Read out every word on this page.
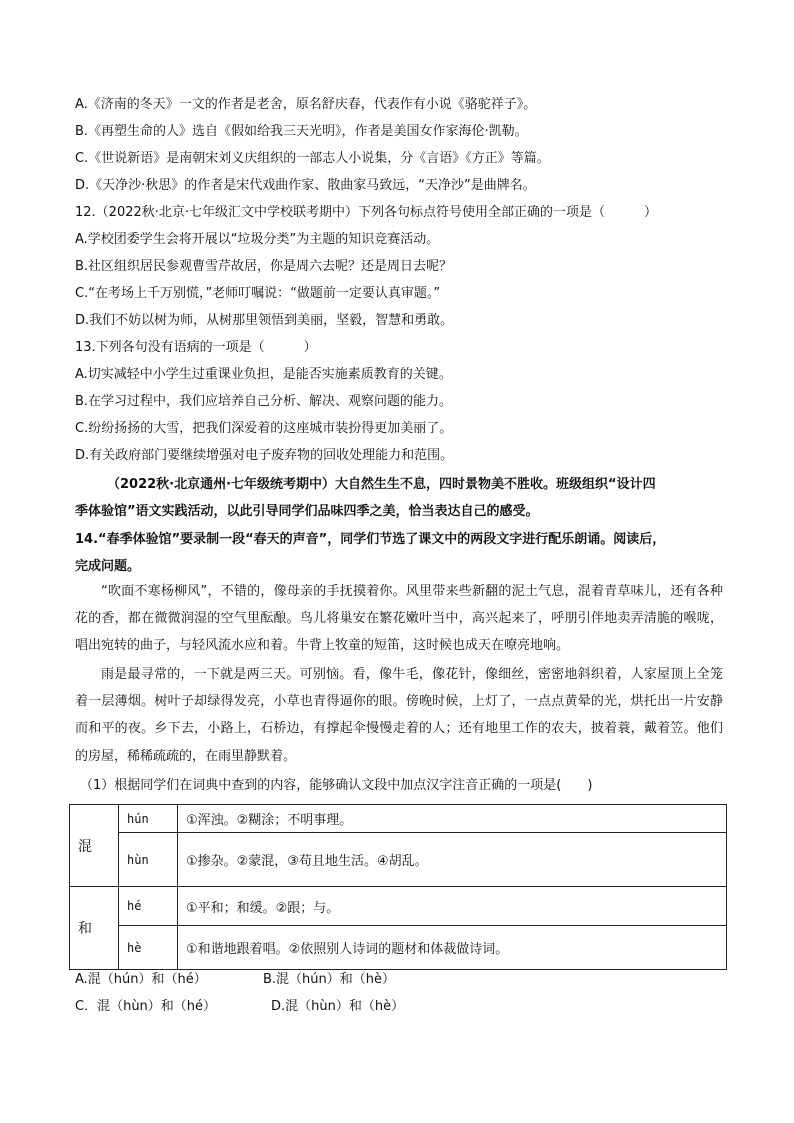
A.《济南的冬天》一文的作者是老舍，原名舒庆春，代表作有小说《骆驼祥子》。
B.《再塑生命的人》选自《假如给我三天光明》，作者是美国女作家海伦·凯勒。
C.《世说新语》是南朝宋刘义庆组织的一部志人小说集，分《言语》《方正》等篇。
D.《天净沙·秋思》的作者是宋代戏曲作家、散曲家马致远，“天净沙”是曲牌名。
12.（2022秋·北京·七年级汇文中学校联考期中）下列各句标点符号使用全部正确的一项是（　　　）
A.学校团委学生会将开展以“垃圾分类”为主题的知识竞赛活动。
B.社区组织居民参观曹雪芹故居，你是周六去呢？还是周日去呢？
C.“在考场上千万别慌，”老师叮嘱说：“做题前一定要认真审题。”
D.我们不妨以树为师，从树那里领悟到美丽，坚毅，智慧和勇敢。
13.下列各句没有语病的一项是（　　　）
A.切实减轻中小学生过重课业负担，是能否实施素质教育的关键。
B.在学习过程中，我们应培养自己分析、解决、观察问题的能力。
C.纷纷扬扬的大雪，把我们深爱着的这座城市装扮得更加美丽了。
D.有关政府部门要继续增强对电子废弃物的回收处理能力和范围。
（2022秋·北京通州·七年级统考期中）大自然生生不息，四时景物美不胜收。班级组织“设计四
季体验馆”语文实践活动，以此引导同学们品味四季之美，恰当表达自己的感受。
14.“春季体验馆”要录制一段“春天的声音”，同学们节选了课文中的两段文字进行配乐朗诵。阅读后，
完成问题。
“吹面不寒杨柳风”，不错的，像母亲的手抚摸着你。风里带来些新翻的泥土气息，混着青草味儿，还有各种花的香，都在微微润湿的空气里酝酿。鸟儿将巢安在繁花嫩叶当中，高兴起来了，呼朋引伴地卖弄清脆的喉咙，唱出宛转的曲子，与轻风流水应和着。牛背上牧童的短笛，这时候也成天在嘹亮地响。
雨是最寻常的，一下就是两三天。可别恼。看，像牛毛，像花针，像细丝，密密地斜织着，人家屋顶上全笼着一层薄烟。树叶子却绿得发亮，小草也青得逼你的眼。傍晚时候，上灯了，一点点黄晕的光，烘托出一片安静而和平的夜。乡下去，小路上，石桥边，有撑起伞慢慢走着的人；还有地里工作的农夫，披着蓑，戴着笠。他们的房屋，稀稀疏疏的，在雨里静默着。
（1）根据同学们在词典中查到的内容，能够确认文段中加点汉字注音正确的一项是(　　)
混	hún	①浑浊。②糊涂；不明事理。
	hùn	①掺杂。②蒙混，③苟且地生活。④胡乱。
和	hé	①平和；和缓。②跟；与。
	hè	①和谐地跟着唱。②依照别人诗词的题材和体裁做诗词。
A.混（hún）和（hé）	B.混（hún）和（hè）
C．混（hùn）和（hé）	D.混（hùn）和（hè）
